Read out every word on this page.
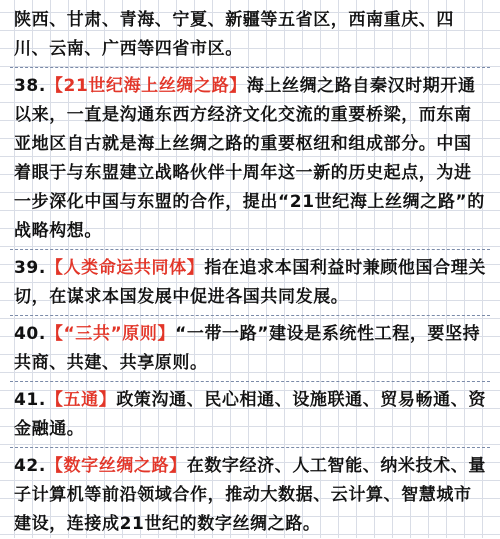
陕西、甘肃、青海、宁夏、新疆等五省区，西南重庆、四川、云南、广西等四省市区。

38.【21世纪海上丝绸之路】海上丝绸之路自秦汉时期开通以来，一直是沟通东西方经济文化交流的重要桥梁，而东南亚地区自古就是海上丝绸之路的重要枢纽和组成部分。中国着眼于与东盟建立战略伙伴十周年这一新的历史起点，为进一步深化中国与东盟的合作，提出“21世纪海上丝绸之路”的战略构想。

39.【人类命运共同体】指在追求本国利益时兼顾他国合理关切，在谋求本国发展中促进各国共同发展。

40.【“三共”原则】“一带一路”建设是系统性工程，要坚持共商、共建、共享原则。

41.【五通】政策沟通、民心相通、设施联通、贸易畅通、资金融通。

42.【数字丝绸之路】在数字经济、人工智能、纳米技术、量子计算机等前沿领域合作，推动大数据、云计算、智慧城市建设，连接成21世纪的数字丝绸之路。
